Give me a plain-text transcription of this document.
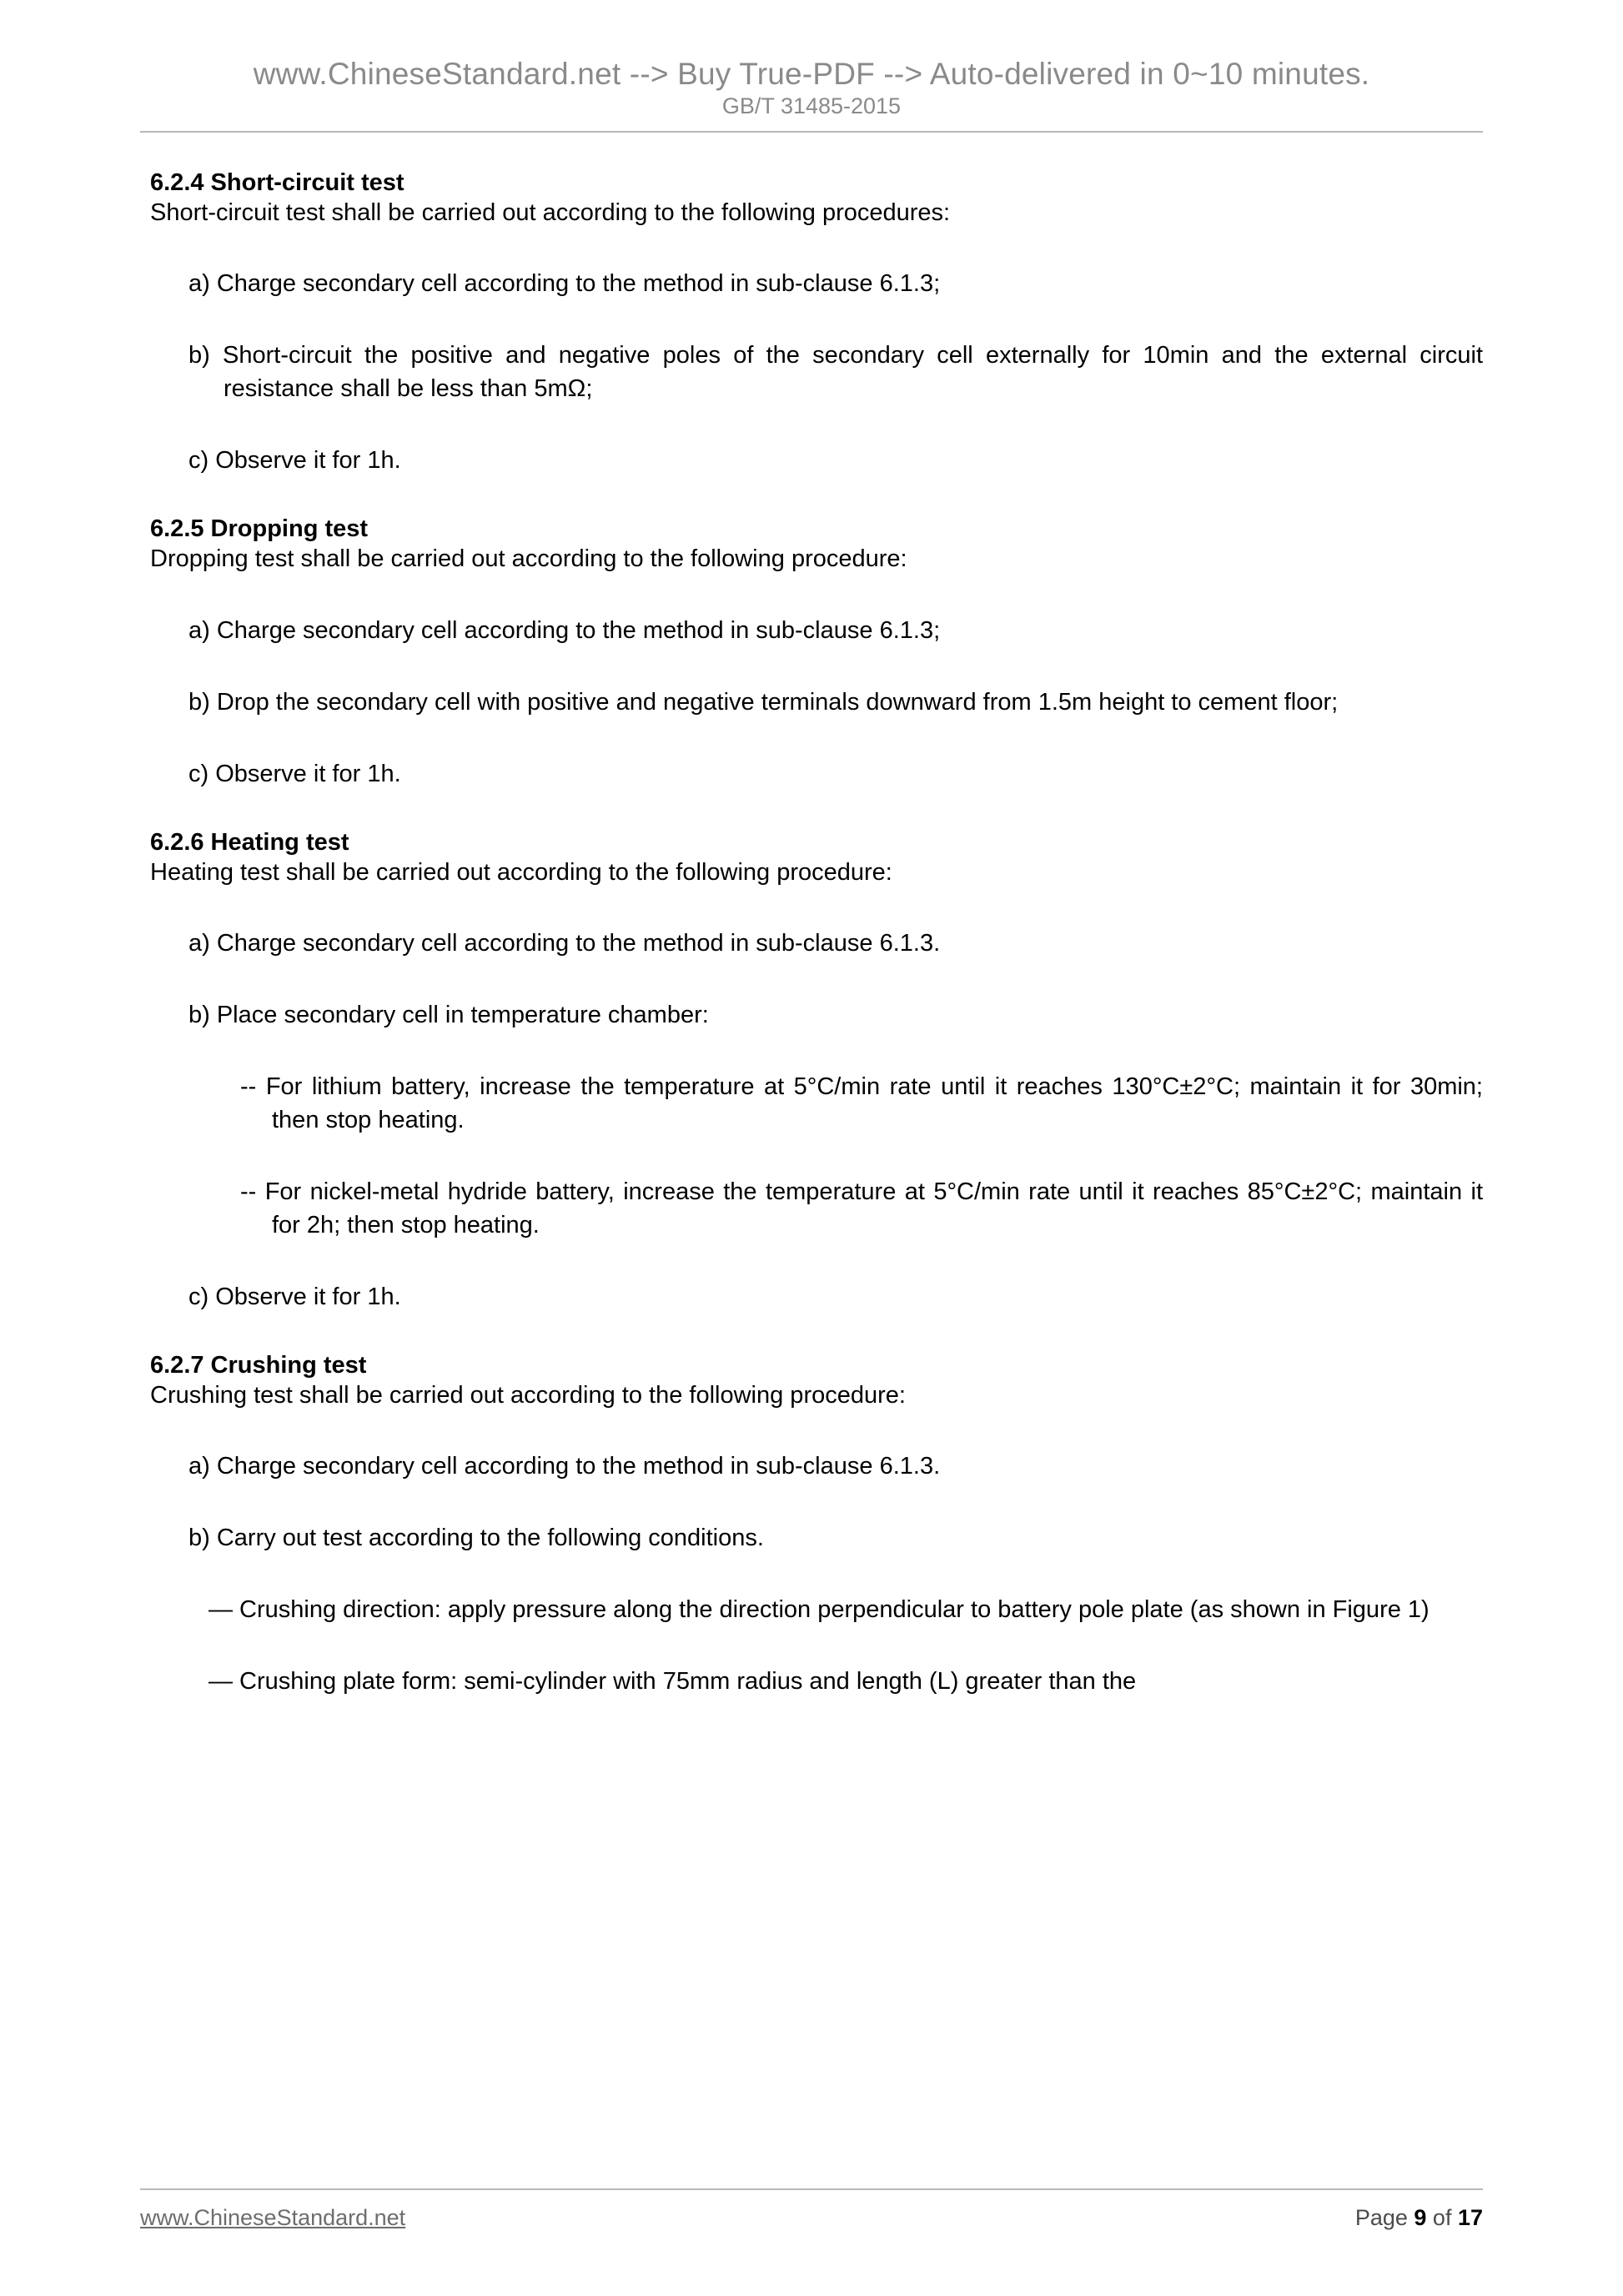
www.ChineseStandard.net --> Buy True-PDF --> Auto-delivered in 0~10 minutes.
GB/T 31485-2015
6.2.4 Short-circuit test
Short-circuit test shall be carried out according to the following procedures:
a) Charge secondary cell according to the method in sub-clause 6.1.3;
b) Short-circuit the positive and negative poles of the secondary cell externally for 10min and the external circuit resistance shall be less than 5mΩ;
c) Observe it for 1h.
6.2.5 Dropping test
Dropping test shall be carried out according to the following procedure:
a) Charge secondary cell according to the method in sub-clause 6.1.3;
b) Drop the secondary cell with positive and negative terminals downward from 1.5m height to cement floor;
c) Observe it for 1h.
6.2.6 Heating test
Heating test shall be carried out according to the following procedure:
a) Charge secondary cell according to the method in sub-clause 6.1.3.
b) Place secondary cell in temperature chamber:
-- For lithium battery, increase the temperature at 5°C/min rate until it reaches 130°C±2°C; maintain it for 30min; then stop heating.
-- For nickel-metal hydride battery, increase the temperature at 5°C/min rate until it reaches 85°C±2°C; maintain it for 2h; then stop heating.
c) Observe it for 1h.
6.2.7 Crushing test
Crushing test shall be carried out according to the following procedure:
a) Charge secondary cell according to the method in sub-clause 6.1.3.
b) Carry out test according to the following conditions.
— Crushing direction: apply pressure along the direction perpendicular to battery pole plate (as shown in Figure 1)
— Crushing plate form: semi-cylinder with 75mm radius and length (L) greater than the
www.ChineseStandard.net	Page 9 of 17
